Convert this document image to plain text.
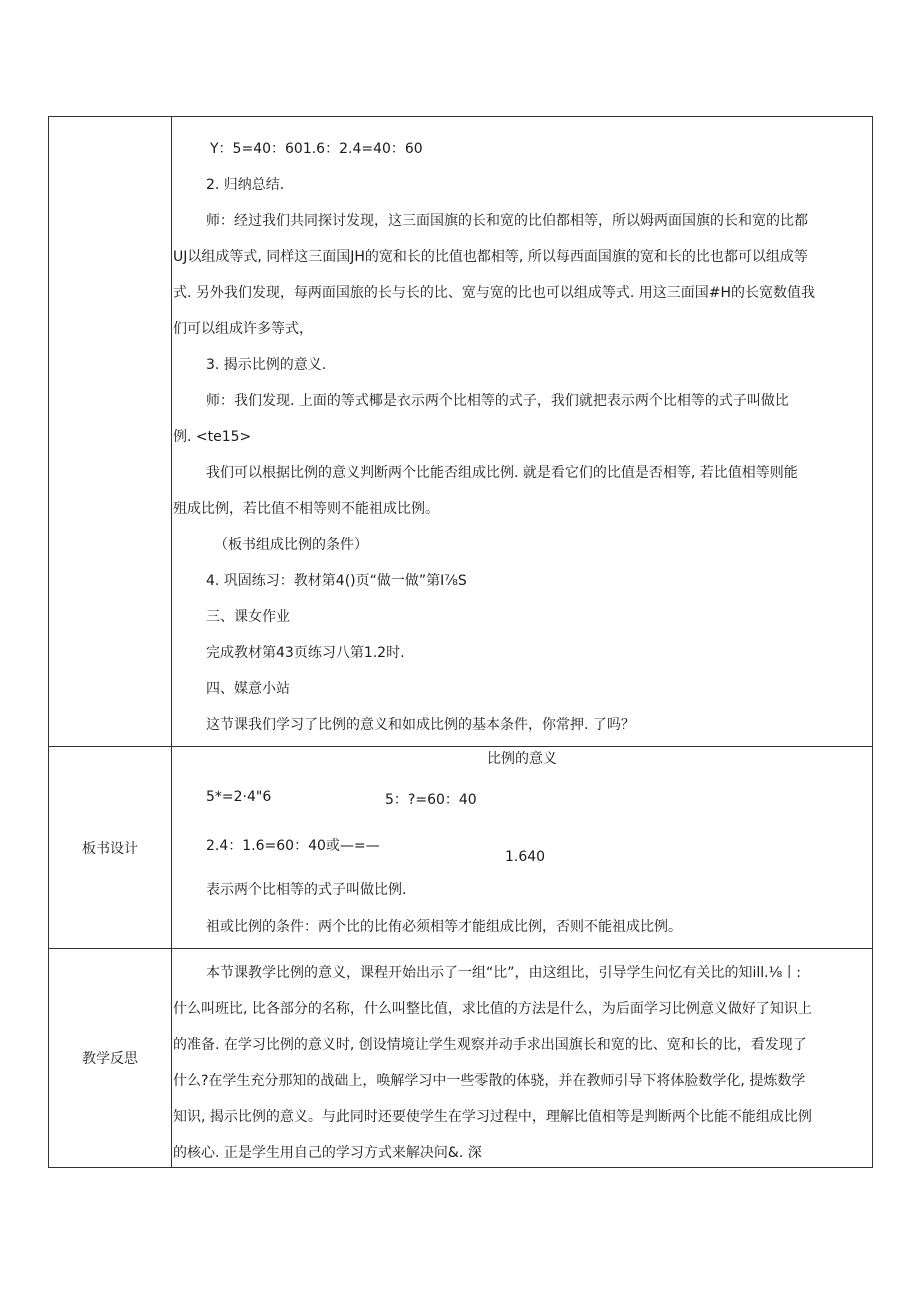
Y：5=40：601.6：2.4=40：60

2. 归纳总结.

师：经过我们共同探讨发现，这三面国旗的长和宽的比伯都相等，所以姆两面国旗的长和宽的比都

UJ以组成等式, 同样这三面国JH的宽和长的比值也都相等, 所以每西面国旗的宽和长的比也都可以组成等

式. 另外我们发现，每两面国旅的长与长的比、宽与宽的比也可以组成等式. 用这三面国#H的长宽数值我

们可以组成许多等式，

3. 揭示比例的意义.

师：我们发现. 上面的等式椰是衣示两个比相等的式子，我们就把表示两个比相等的式子叫做比

例. <te15>

我们可以根据比例的意义判断两个比能否组成比例. 就是看它们的比值是否相等, 若比值相等则能

殂成比例，若比值不相等则不能祖成比例。

（板书组成比例的条件）

4. 巩固练习：教材第4()页“做一做”第I⅞S

三、课女作业

完成教材第43页练习八第1.2时.

四、媒意小站

这节课我们学习了比例的意义和如成比例的基本条件，你常押. 了吗？

板书设计
比例的意义

5*=2·4"6	5：?=60：40

2.4：1.6=60：40或—=—

1.640

表示两个比相等的式子叫做比例.

祖或比例的条件：两个比的比侑必须相等才能组成比例，否则不能祖成比例。

教学反思

本节课教学比例的意义，课程开始出示了一组“比”，由这组比，引导学生问忆有关比的知ill.⅛丨:

什么叫班比, 比各部分的名称，什么叫整比值，求比值的方法是什么，为后面学习比例意义做好了知识上

的准备. 在学习比例的意义时, 创设情境让学生观察并动手求出国旗长和宽的比、宽和长的比，看发现了

什么?在学生充分那知的战础上，唤解学习中一些零散的体骁，并在教师引导下将体脸数学化, 提炼数学

知识, 揭示比例的意义。与此同时还要使学生在学习过程中，理解比值相等是判断两个比能不能组成比例

的核心. 正是学生用自己的学习方式来解决问&. 深
